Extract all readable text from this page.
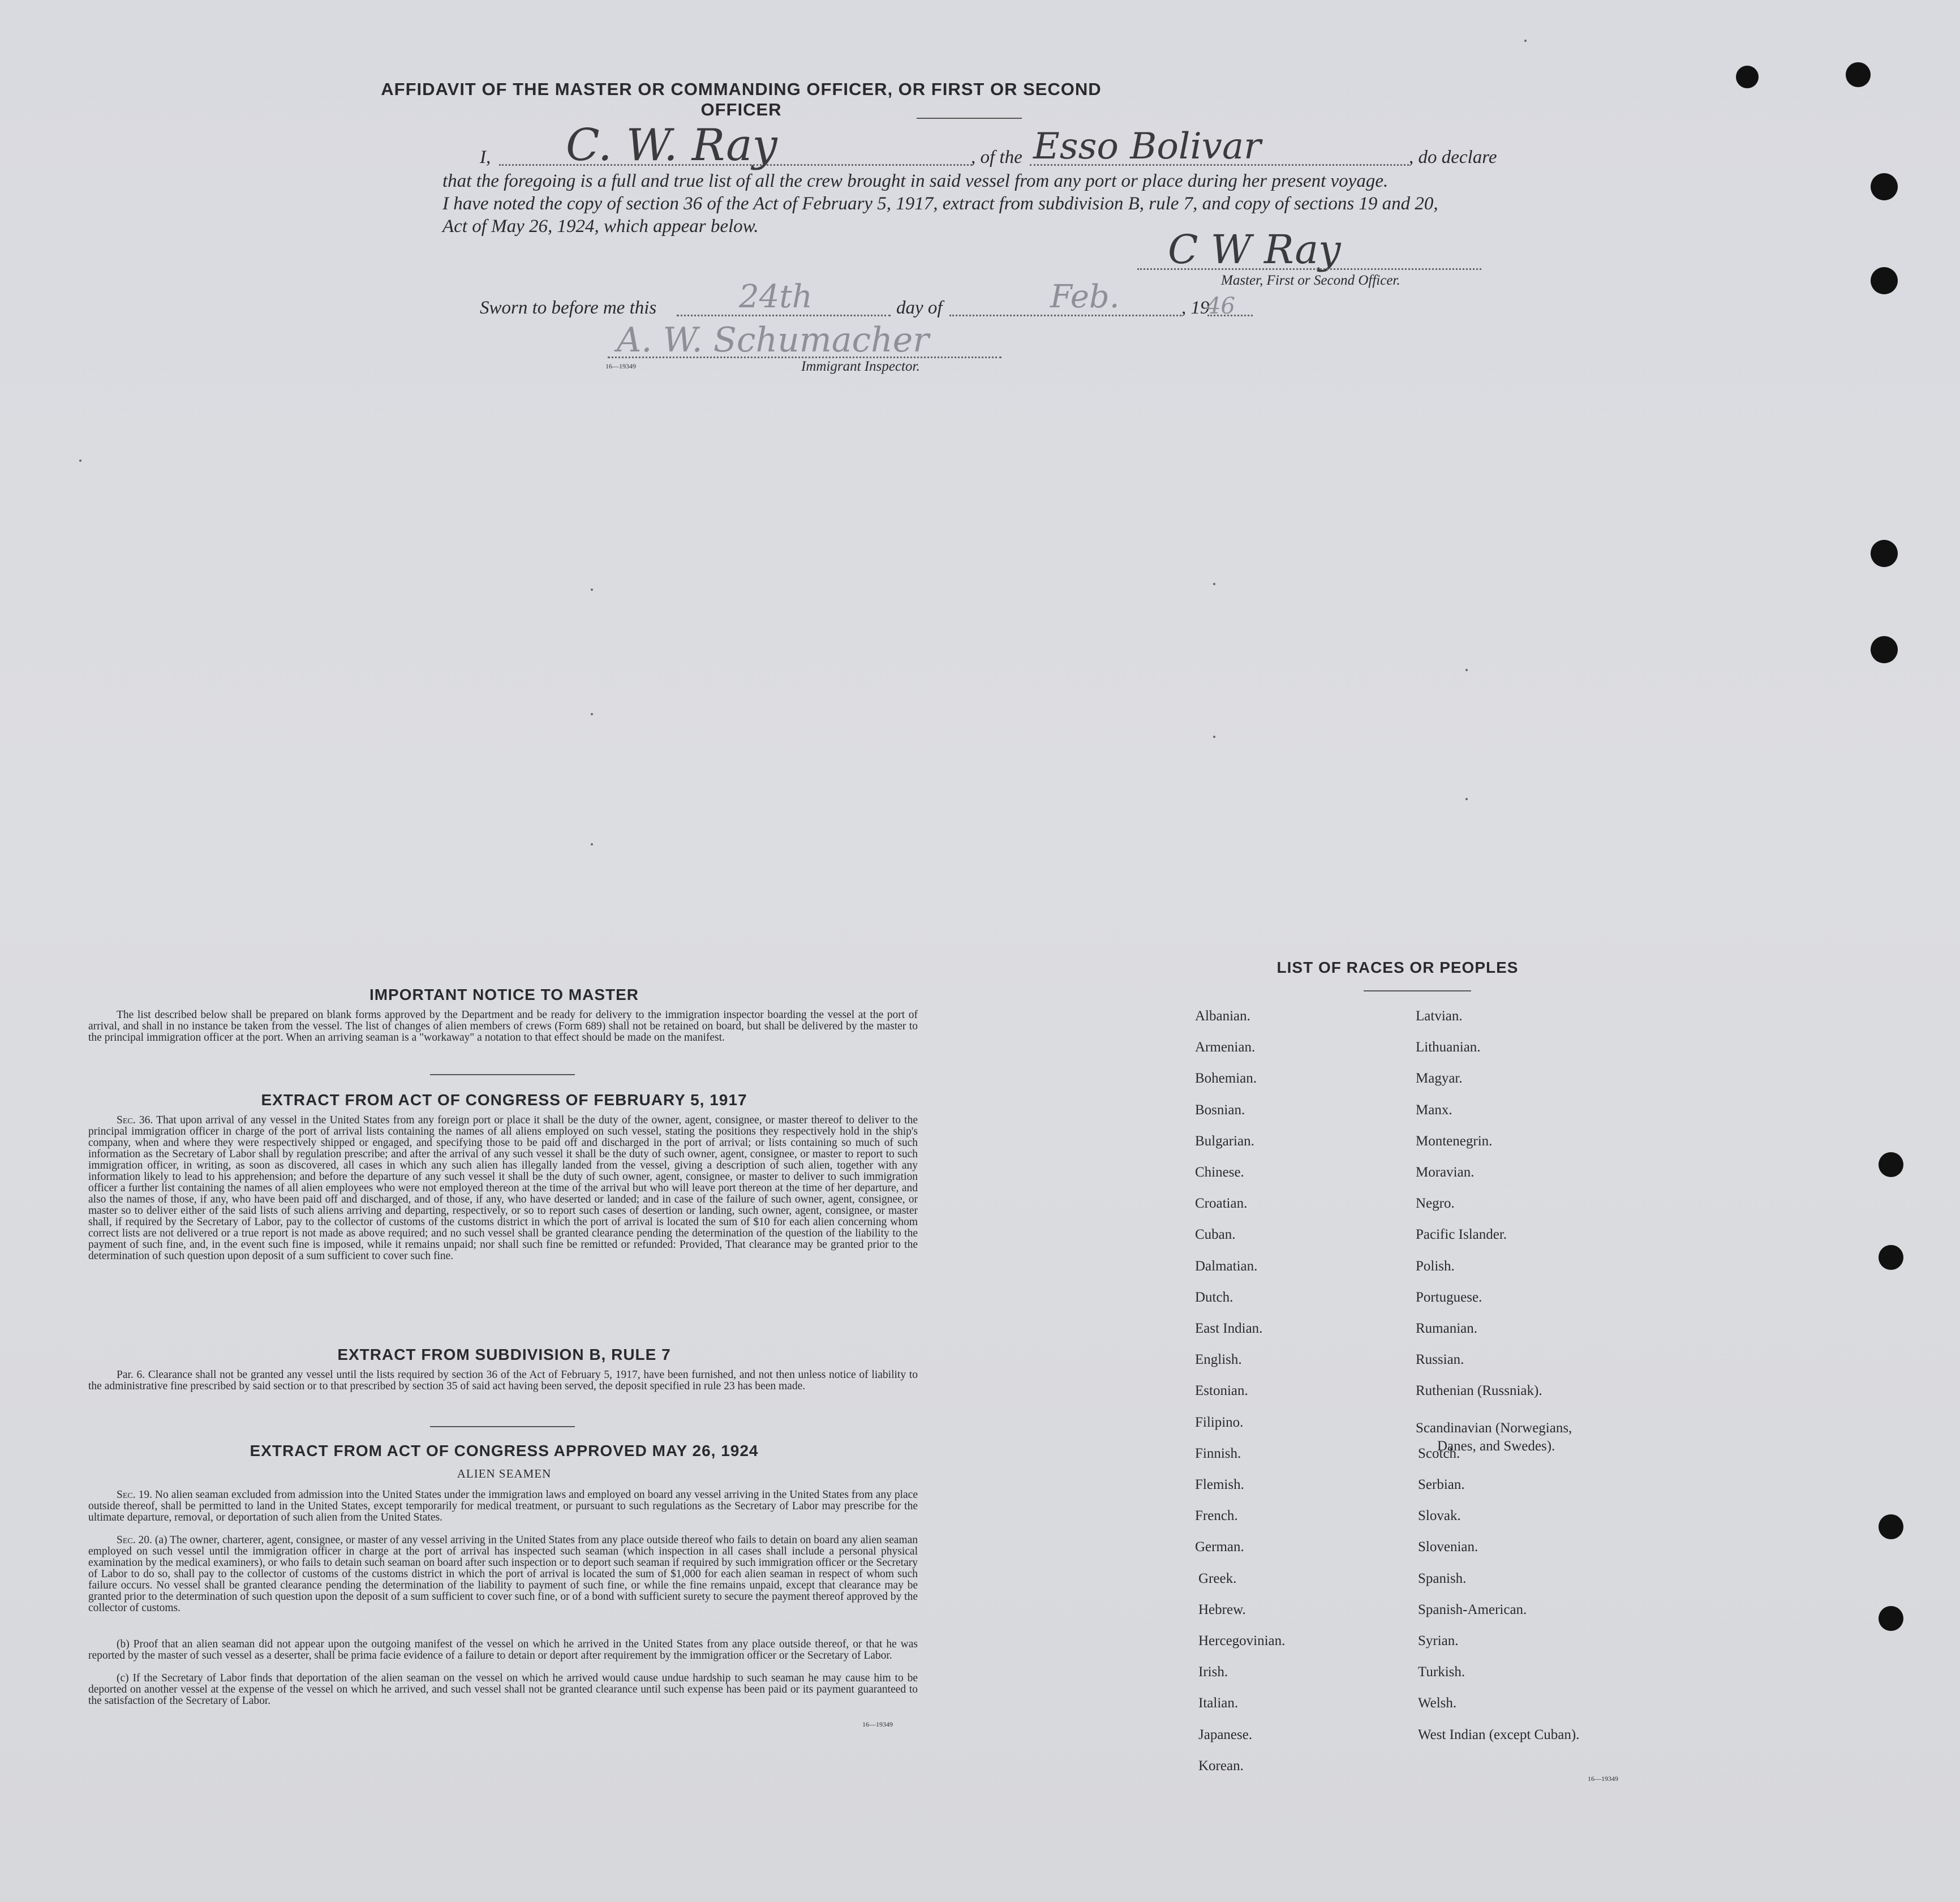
AFFIDAVIT OF THE MASTER OR COMMANDING OFFICER, OR FIRST OR SECOND OFFICER
I, C. W. Ray	, of the Esso Bolivar	, do declare
that the foregoing is a full and true list of all the crew brought in said vessel from any port or place during her present voyage.
I have noted the copy of section 36 of the Act of February 5, 1917, extract from subdivision B, rule 7, and copy of sections 19 and 20,
Act of May 26, 1924, which appear below.	C W Ray
Master, First or Second Officer.
Sworn to before me this	24th	day of	Feb.	, 19
46
A. W. Schumacher
16—19349	Immigrant Inspector.
IMPORTANT NOTICE TO MASTER
The list described below shall be prepared on blank forms approved by the Department and be ready for delivery to the immigration inspector boarding the vessel at the port of arrival, and shall in no instance be taken from the vessel. The list of changes of alien members of crews (Form 689) shall not be retained on board, but shall be delivered by the master to the principal immigration officer at the port. When an arriving seaman is a "workaway" a notation to that effect should be made on the manifest.
EXTRACT FROM ACT OF CONGRESS OF FEBRUARY 5, 1917
Sec. 36. That upon arrival of any vessel in the United States from any foreign port or place it shall be the duty of the owner, agent, consignee, or master thereof to deliver to the principal immigration officer in charge of the port of arrival lists containing the names of all aliens employed on such vessel, stating the positions they respectively hold in the ship's company, when and where they were respectively shipped or engaged, and specifying those to be paid off and discharged in the port of arrival; or lists containing so much of such information as the Secretary of Labor shall by regulation prescribe; and after the arrival of any such vessel it shall be the duty of such owner, agent, consignee, or master to report to such immigration officer, in writing, as soon as discovered, all cases in which any such alien has illegally landed from the vessel, giving a description of such alien, together with any information likely to lead to his apprehension; and before the departure of any such vessel it shall be the duty of such owner, agent, consignee, or master to deliver to such immigration officer a further list containing the names of all alien employees who were not employed thereon at the time of the arrival but who will leave port thereon at the time of her departure, and also the names of those, if any, who have been paid off and discharged, and of those, if any, who have deserted or landed; and in case of the failure of such owner, agent, consignee, or master so to deliver either of the said lists of such aliens arriving and departing, respectively, or so to report such cases of desertion or landing, such owner, agent, consignee, or master shall, if required by the Secretary of Labor, pay to the collector of customs of the customs district in which the port of arrival is located the sum of $10 for each alien concerning whom correct lists are not delivered or a true report is not made as above required; and no such vessel shall be granted clearance pending the determination of the question of the liability to the payment of such fine, and, in the event such fine is imposed, while it remains unpaid; nor shall such fine be remitted or refunded: Provided, That clearance may be granted prior to the determination of such question upon deposit of a sum sufficient to cover such fine.
EXTRACT FROM SUBDIVISION B, RULE 7
Par. 6. Clearance shall not be granted any vessel until the lists required by section 36 of the Act of February 5, 1917, have been furnished, and not then unless notice of liability to the administrative fine prescribed by said section or to that prescribed by section 35 of said act having been served, the deposit specified in rule 23 has been made.
EXTRACT FROM ACT OF CONGRESS APPROVED MAY 26, 1924
ALIEN SEAMEN
Sec. 19. No alien seaman excluded from admission into the United States under the immigration laws and employed on board any vessel arriving in the United States from any place outside thereof, shall be permitted to land in the United States, except temporarily for medical treatment, or pursuant to such regulations as the Secretary of Labor may prescribe for the ultimate departure, removal, or deportation of such alien from the United States.
Sec. 20. (a) The owner, charterer, agent, consignee, or master of any vessel arriving in the United States from any place outside thereof who fails to detain on board any alien seaman employed on such vessel until the immigration officer in charge at the port of arrival has inspected such seaman (which inspection in all cases shall include a personal physical examination by the medical examiners), or who fails to detain such seaman on board after such inspection or to deport such seaman if required by such immigration officer or the Secretary of Labor to do so, shall pay to the collector of customs of the customs district in which the port of arrival is located the sum of $1,000 for each alien seaman in respect of whom such failure occurs. No vessel shall be granted clearance pending the determination of the liability to payment of such fine, or while the fine remains unpaid, except that clearance may be granted prior to the determination of such question upon the deposit of a sum sufficient to cover such fine, or of a bond with sufficient surety to secure the payment thereof approved by the collector of customs.
(b) Proof that an alien seaman did not appear upon the outgoing manifest of the vessel on which he arrived in the United States from any place outside thereof, or that he was reported by the master of such vessel as a deserter, shall be prima facie evidence of a failure to detain or deport after requirement by the immigration officer or the Secretary of Labor.
(c) If the Secretary of Labor finds that deportation of the alien seaman on the vessel on which he arrived would cause undue hardship to such seaman he may cause him to be deported on another vessel at the expense of the vessel on which he arrived, and such vessel shall not be granted clearance until such expense has been paid or its payment guaranteed to the satisfaction of the Secretary of Labor.
16—19349
LIST OF RACES OR PEOPLES
Albanian.
Armenian.
Bohemian.
Bosnian.
Bulgarian.
Chinese.
Croatian.
Cuban.
Dalmatian.
Dutch.
East Indian.
English.
Estonian.
Filipino.
Finnish.
Flemish.
French.
German.
Greek.
Hebrew.
Hercegovinian.
Irish.
Italian.
Japanese.
Korean.
Latvian.
Lithuanian.
Magyar.
Manx.
Montenegrin.
Moravian.
Negro.
Pacific Islander.
Polish.
Portuguese.
Rumanian.
Russian.
Ruthenian (Russniak).
Scandinavian (Norwegians,
Danes, and Swedes).
Scotch.
Serbian.
Slovak.
Slovenian.
Spanish.
Spanish-American.
Syrian.
Turkish.
Welsh.
West Indian (except Cuban).
16—19349
